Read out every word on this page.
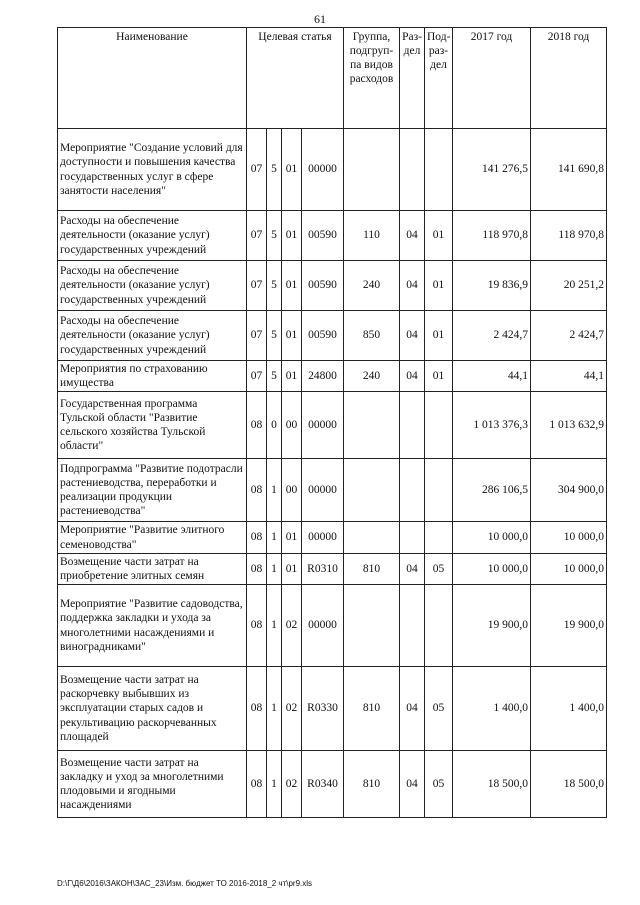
61
Наименование	Целевая статья				Группа, подгруп-па видов расходов	Раз-дел	Под-раз-дел	2017 год	2018 год
Мероприятие "Создание условий для доступности и повышения качества государственных услуг в сфере занятости населения"	07	5	01	00000				141 276,5	141 690,8
Расходы на обеспечение деятельности (оказание услуг) государственных учреждений	07	5	01	00590	110	04	01	118 970,8	118 970,8
Расходы на обеспечение деятельности (оказание услуг) государственных учреждений	07	5	01	00590	240	04	01	19 836,9	20 251,2
Расходы на обеспечение деятельности (оказание услуг) государственных учреждений	07	5	01	00590	850	04	01	2 424,7	2 424,7
Мероприятия по страхованию имущества	07	5	01	24800	240	04	01	44,1	44,1
Государственная программа Тульской области "Развитие сельского хозяйства Тульской области"	08	0	00	00000				1 013 376,3	1 013 632,9
Подпрограмма "Развитие подотрасли растениеводства, переработки и реализации продукции растениеводства"	08	1	00	00000				286 106,5	304 900,0
Мероприятие "Развитие элитного семеноводства"	08	1	01	00000				10 000,0	10 000,0
Возмещение части затрат на приобретение элитных семян	08	1	01	R0310	810	04	05	10 000,0	10 000,0
Мероприятие "Развитие садоводства, поддержка закладки и ухода за многолетними насаждениями и виноградниками"	08	1	02	00000				19 900,0	19 900,0
Возмещение части затрат на раскорчевку выбывших из эксплуатации старых садов и рекультивацию раскорчеванных площадей	08	1	02	R0330	810	04	05	1 400,0	1 400,0
Возмещение части затрат на закладку и уход за многолетними плодовыми и ягодными насаждениями	08	1	02	R0340	810	04	05	18 500,0	18 500,0
D:\Г\Д6\2016\ЗАКОН\ЗАС_23\Изм. бюджет ТО 2016-2018_2 чт\pr9.xls
